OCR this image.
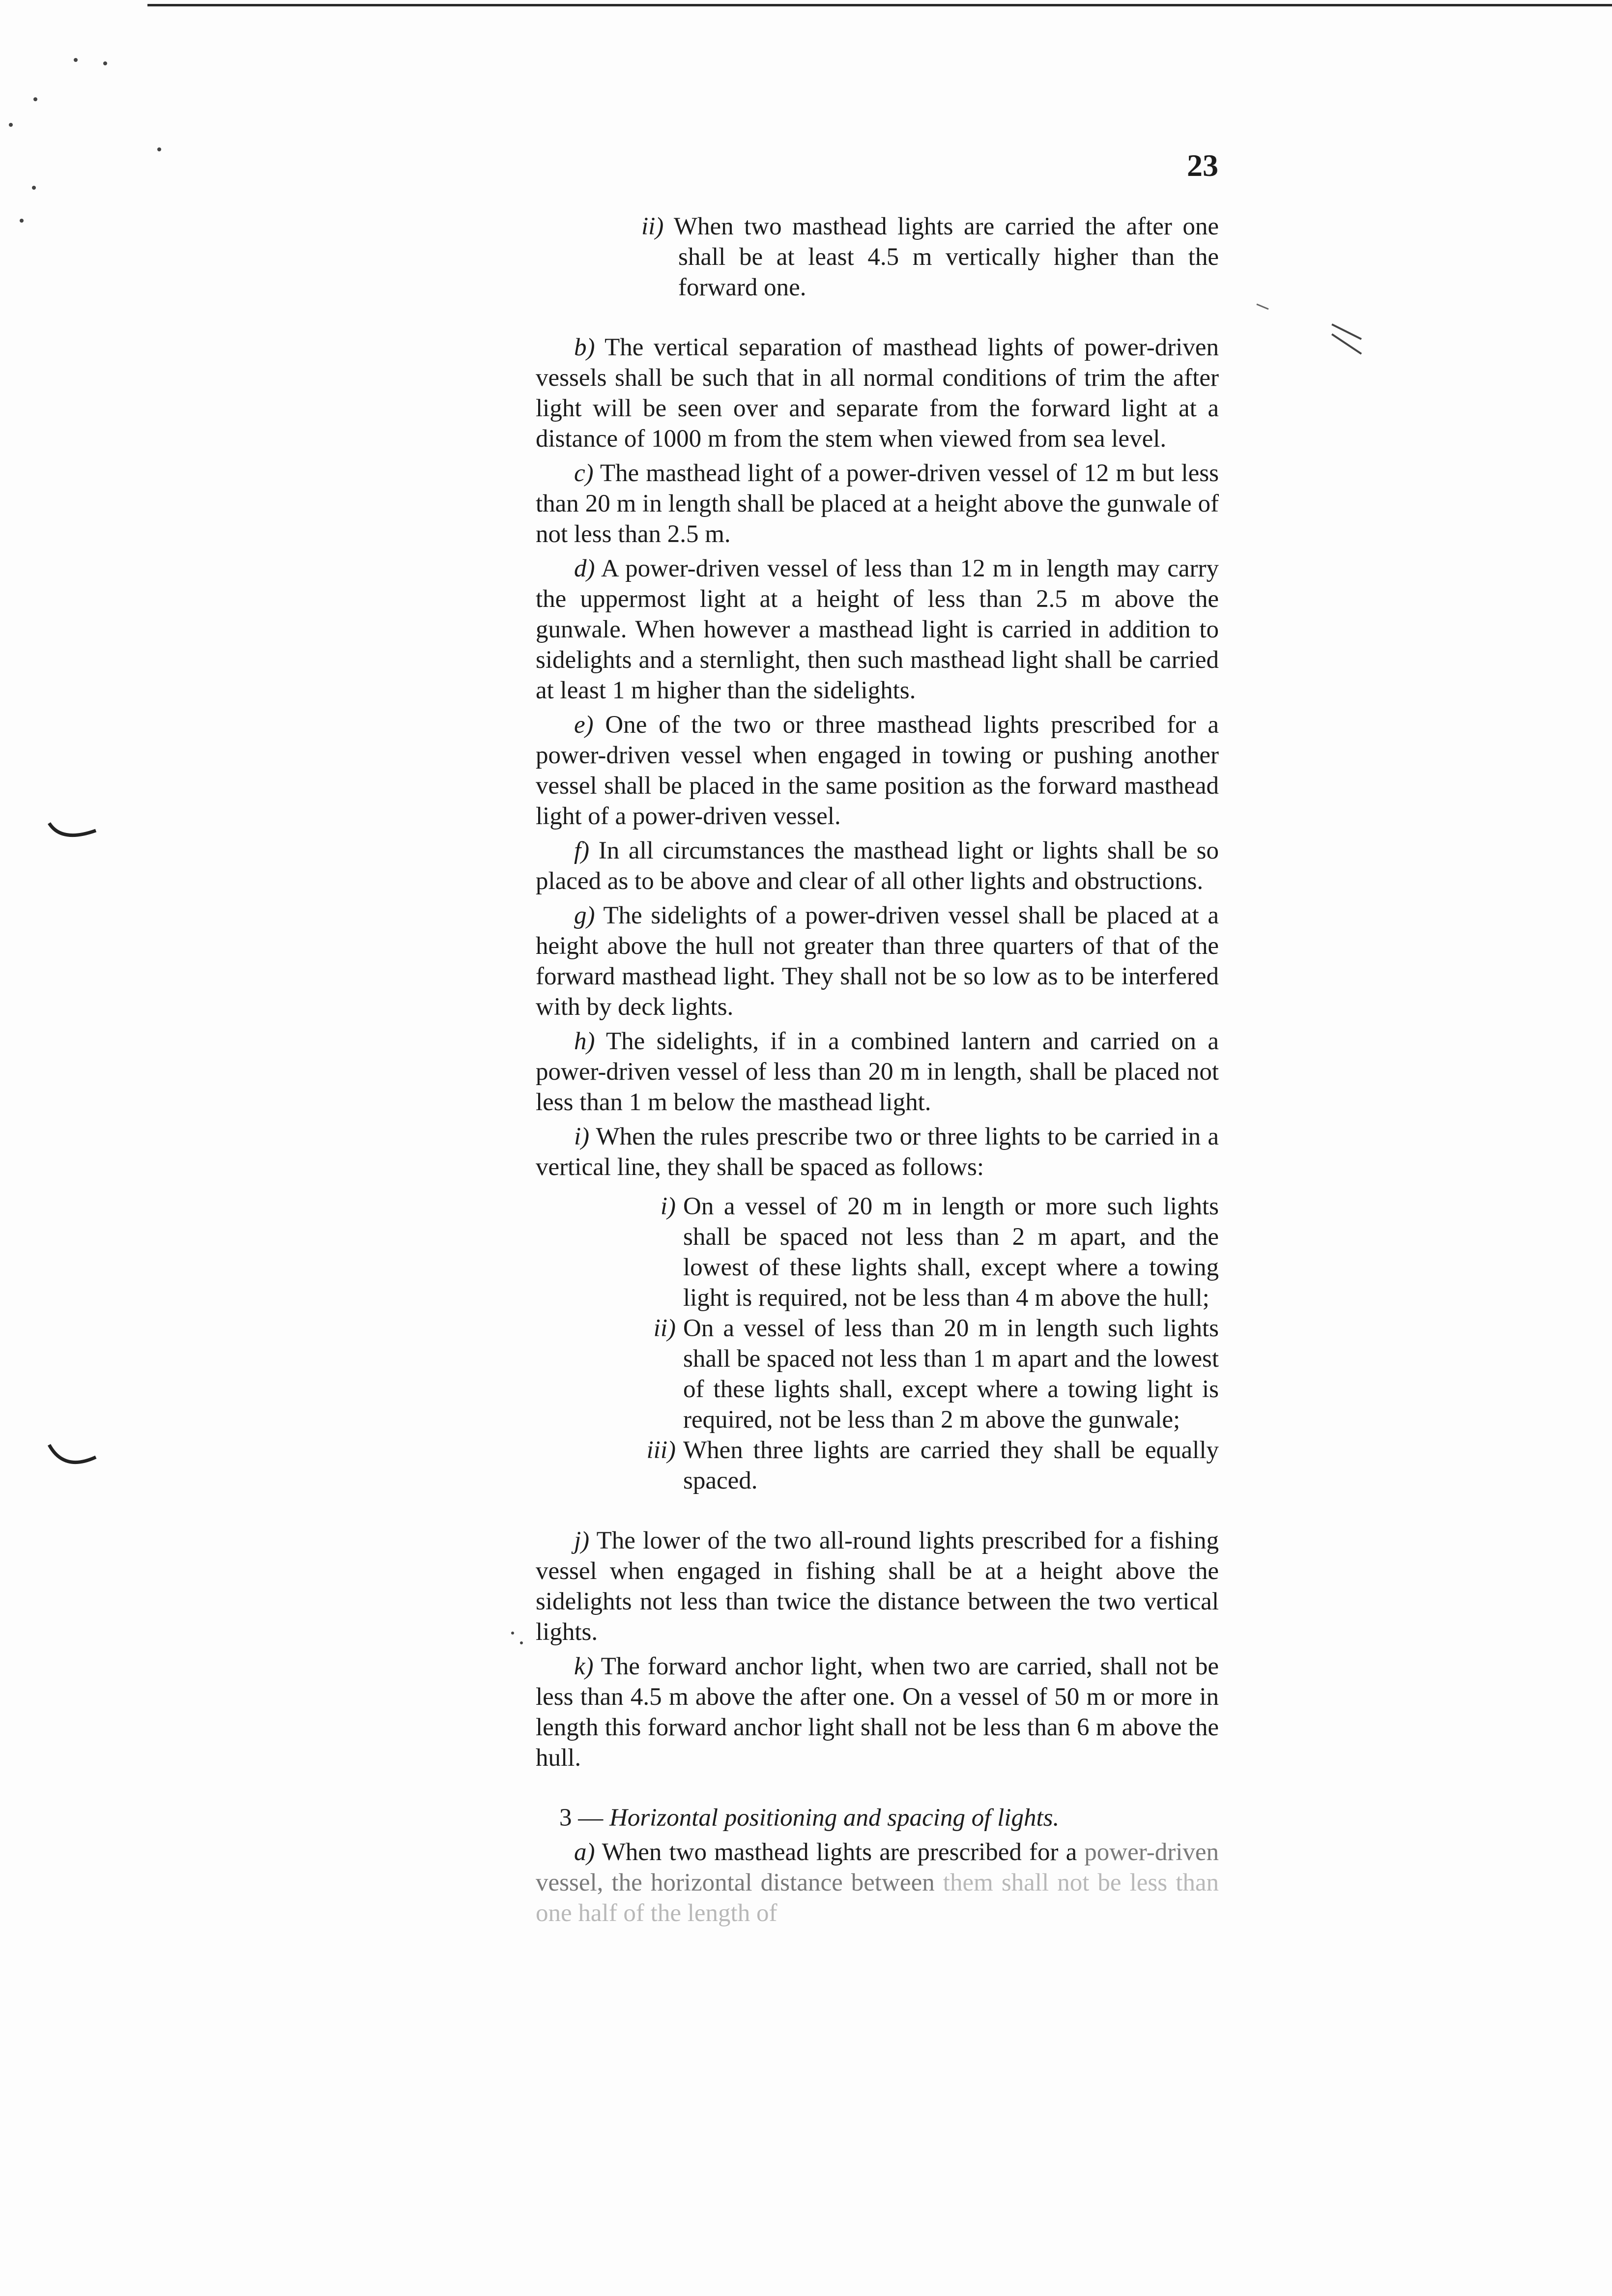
23

ii) When two masthead lights are carried the after one shall be at least 4.5 m vertically higher than the forward one.

b) The vertical separation of masthead lights of power-driven vessels shall be such that in all normal conditions of trim the after light will be seen over and separate from the forward light at a distance of 1000 m from the stem when viewed from sea level.

c) The masthead light of a power-driven vessel of 12 m but less than 20 m in length shall be placed at a height above the gunwale of not less than 2.5 m.

d) A power-driven vessel of less than 12 m in length may carry the uppermost light at a height of less than 2.5 m above the gunwale. When however a masthead light is carried in addition to sidelights and a sternlight, then such masthead light shall be carried at least 1 m higher than the sidelights.

e) One of the two or three masthead lights prescribed for a power-driven vessel when engaged in towing or pushing another vessel shall be placed in the same position as the forward masthead light of a power-driven vessel.

f) In all circumstances the masthead light or lights shall be so placed as to be above and clear of all other lights and obstructions.

g) The sidelights of a power-driven vessel shall be placed at a height above the hull not greater than three quarters of that of the forward masthead light. They shall not be so low as to be interfered with by deck lights.

h) The sidelights, if in a combined lantern and carried on a power-driven vessel of less than 20 m in length, shall be placed not less than 1 m below the masthead light.

i) When the rules prescribe two or three lights to be carried in a vertical line, they shall be spaced as follows:

i) On a vessel of 20 m in length or more such lights shall be spaced not less than 2 m apart, and the lowest of these lights shall, except where a towing light is required, not be less than 4 m above the hull;

ii) On a vessel of less than 20 m in length such lights shall be spaced not less than 1 m apart and the lowest of these lights shall, except where a towing light is required, not be less than 2 m above the gunwale;

iii) When three lights are carried they shall be equally spaced.

j) The lower of the two all-round lights prescribed for a fishing vessel when engaged in fishing shall be at a height above the sidelights not less than twice the distance between the two vertical lights.

k) The forward anchor light, when two are carried, shall not be less than 4.5 m above the after one. On a vessel of 50 m or more in length this forward anchor light shall not be less than 6 m above the hull.

3 — Horizontal positioning and spacing of lights.

a) When two masthead lights are prescribed for a power-driven vessel, the horizontal distance between them shall not be less than one half of the length of
